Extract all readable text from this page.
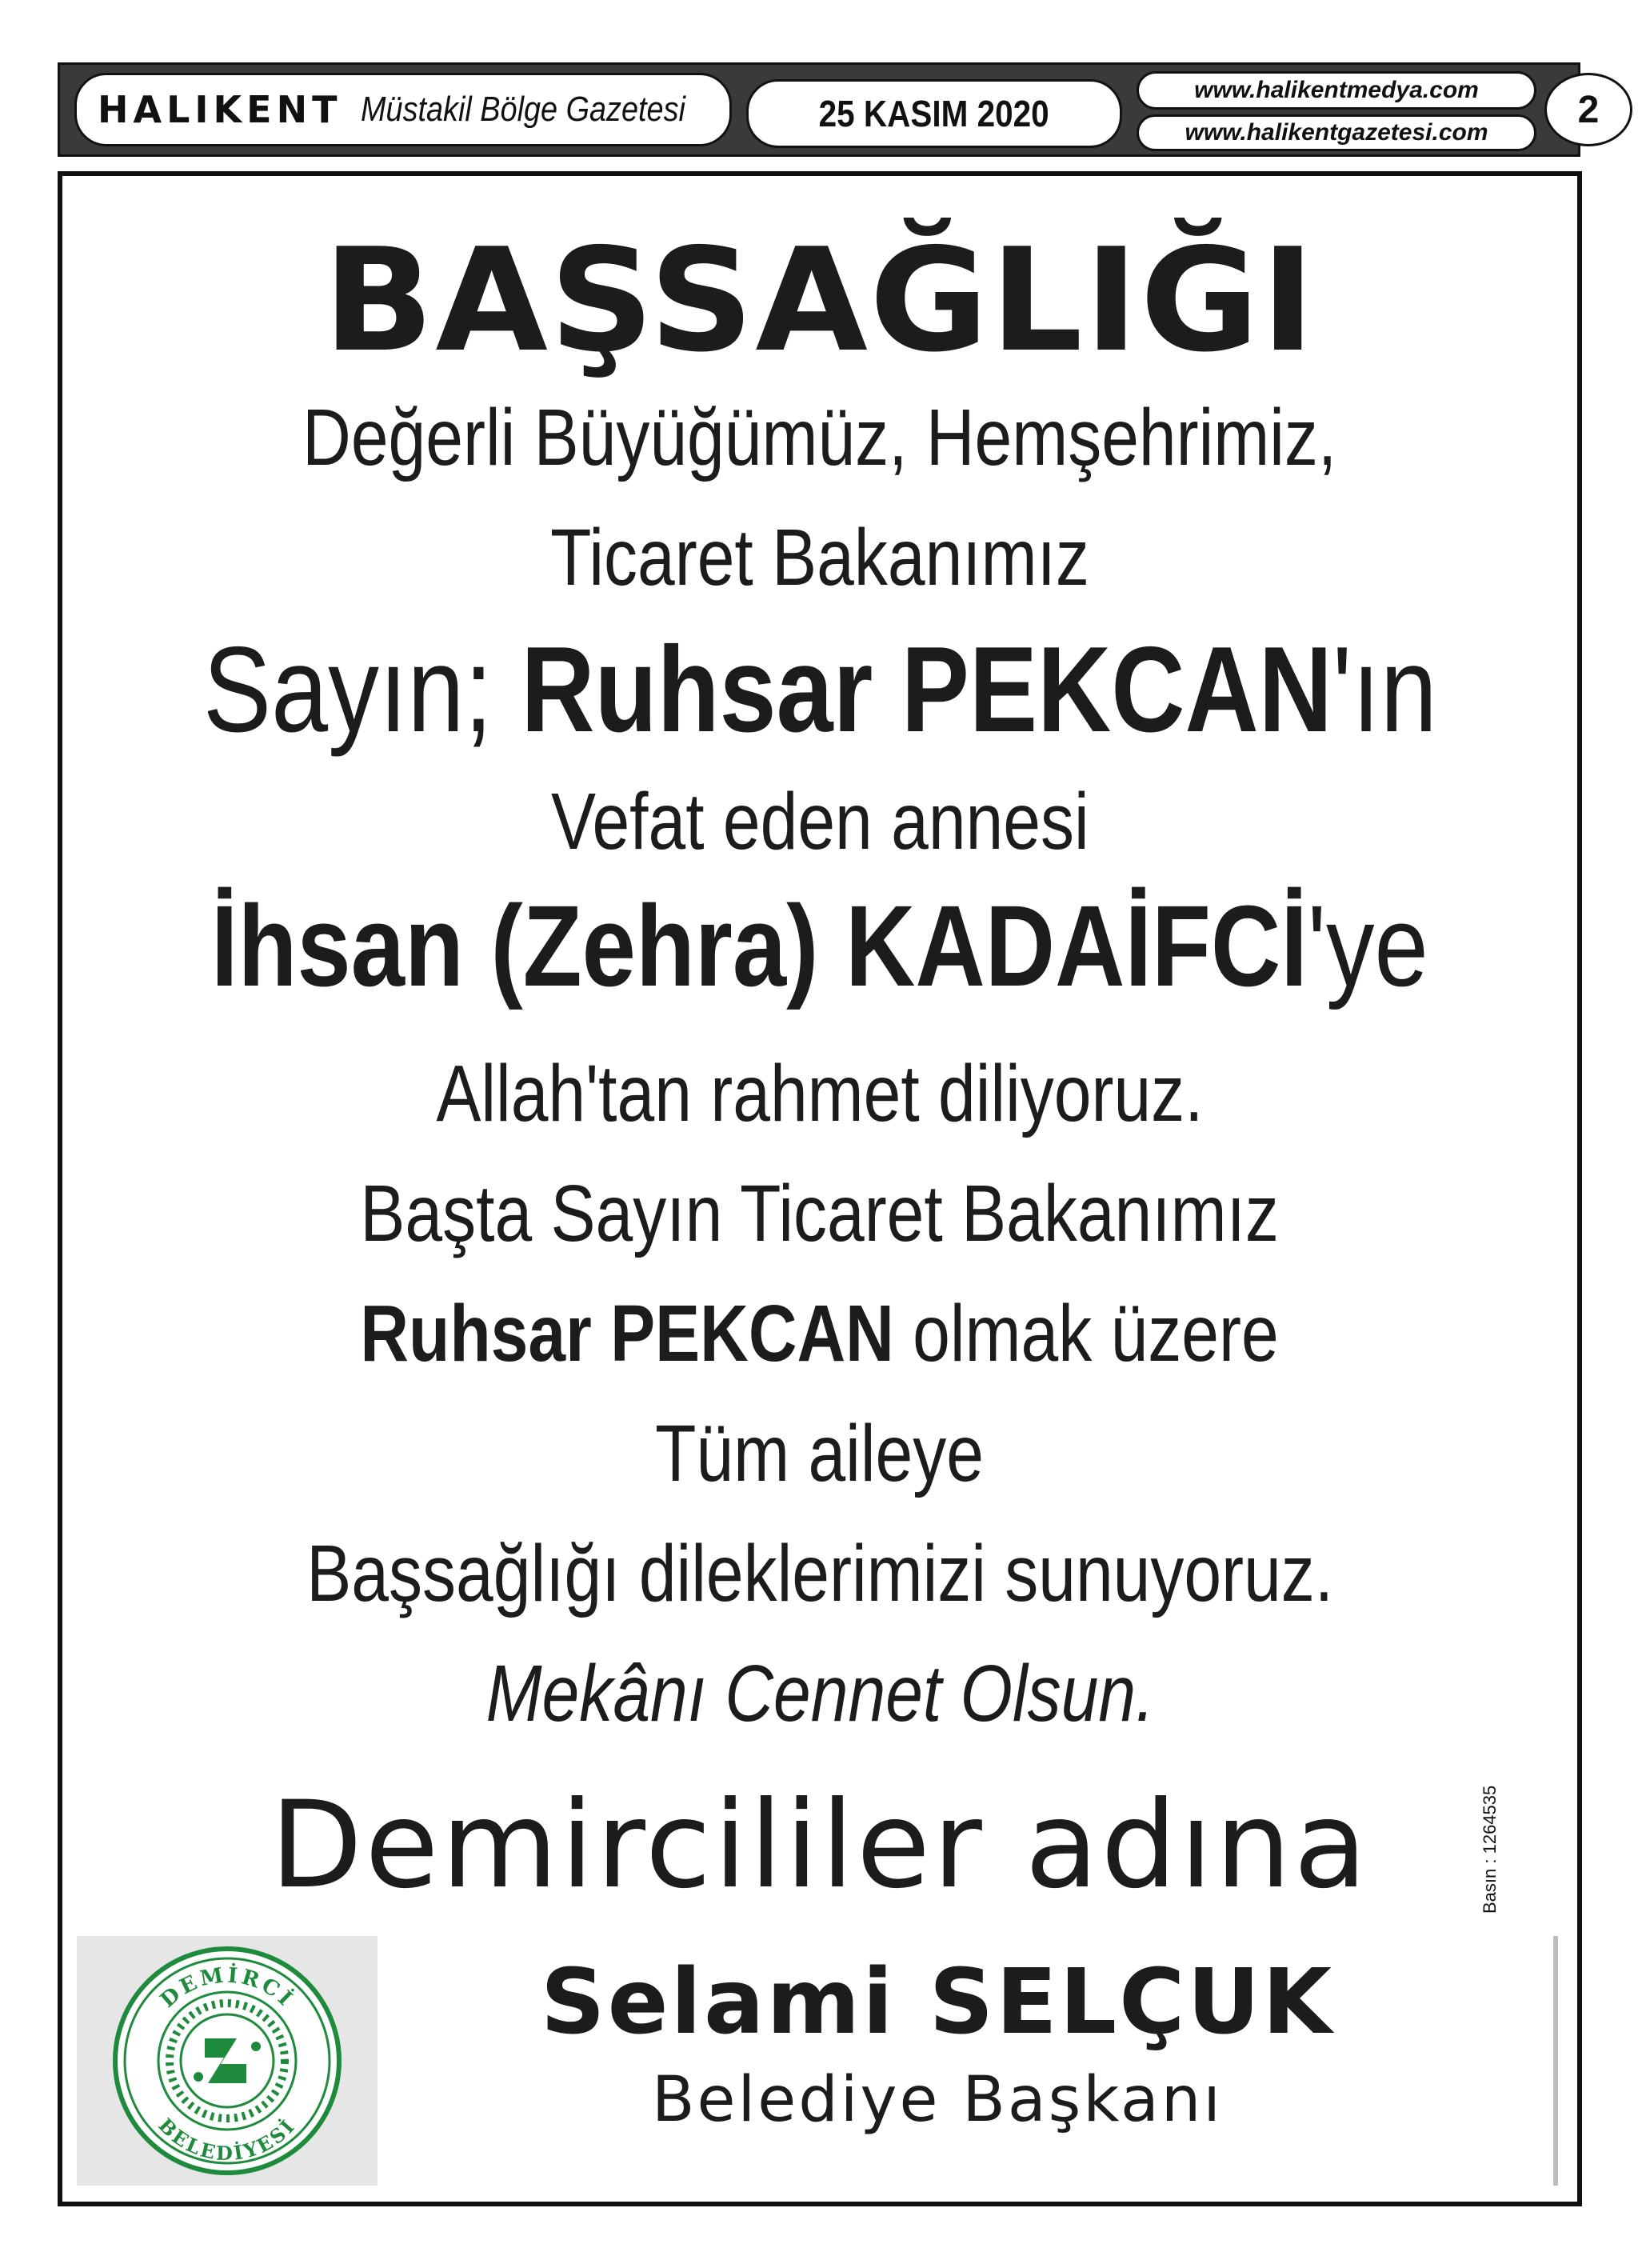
HALIKENT Müstakil Bölge Gazetesi	25 KASIM 2020
www.halikentmedya.com
www.halikentgazetesi.com
2
BAŞSAĞLIĞI
Değerli Büyüğümüz, Hemşehrimiz,
Ticaret Bakanımız
Sayın; Ruhsar PEKCAN'ın
Vefat eden annesi
İhsan (Zehra) KADAİFCİ'ye
Allah'tan rahmet diliyoruz.
Başta Sayın Ticaret Bakanımız
Ruhsar PEKCAN olmak üzere
Tüm aileye
Başsağlığı dileklerimizi sunuyoruz.
Mekânı Cennet Olsun.
Demircililer adına
DEMİRCİ
BELEDİYESİ
Selami SELÇUK
Belediye Başkanı
Basın : 1264535
